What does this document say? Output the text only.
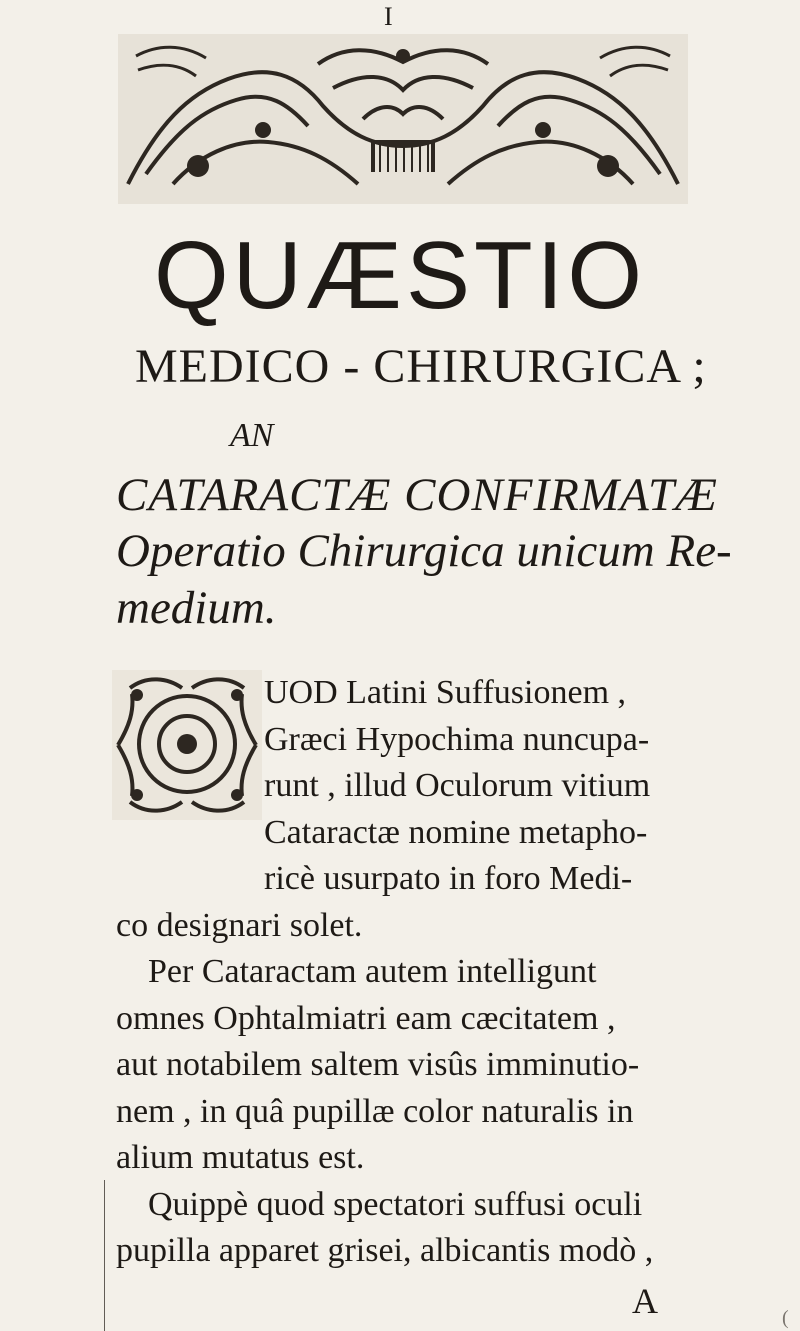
I
QUÆSTIO
MEDICO - CHIRURGICA ;
AN
CATARACTÆ CONFIRMATÆ
Operatio Chirurgica unicum Re-
medium.
UOD Latini Suffusionem ,
Græci Hypochima nuncupa-
runt , illud Oculorum vitium
Cataractæ nomine metapho-
ricè usurpato in foro Medi-
co designari solet.
Per Cataractam autem intelligunt
omnes Ophtalmiatri eam cæcitatem ,
aut notabilem saltem visûs imminutio-
nem , in quâ pupillæ color naturalis in
alium mutatus est.
Quippè quod spectatori suffusi oculi
pupilla apparet grisei, albicantis modò ,
A	(
